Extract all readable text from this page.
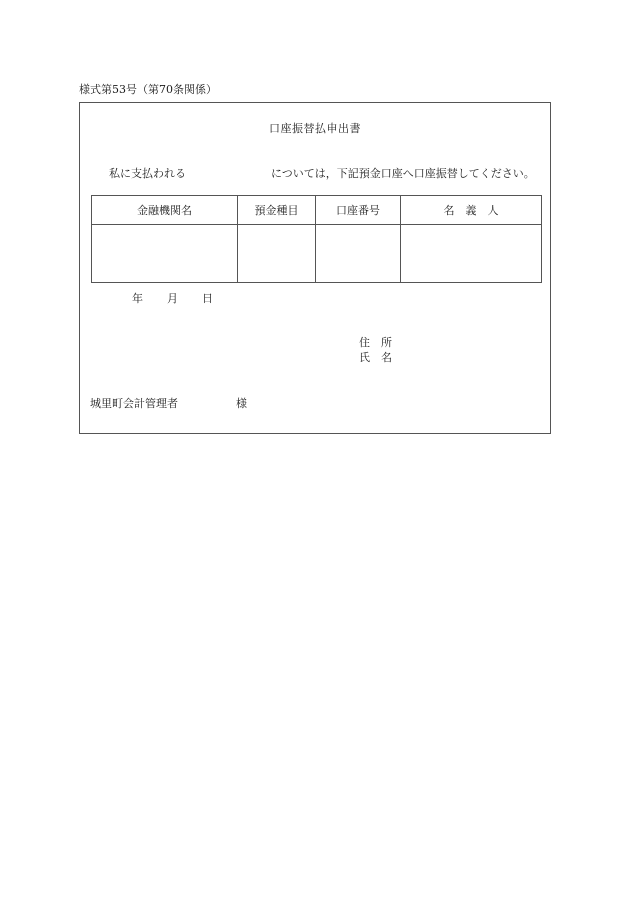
様式第53号（第70条関係）
口座振替払申出書
私に支払われる	については，下記預金口座へ口座振替してください。
金融機関名	預金種目	口座番号	名　義　人

年 月 日
住　所
氏　名
城里町会計管理者	様
